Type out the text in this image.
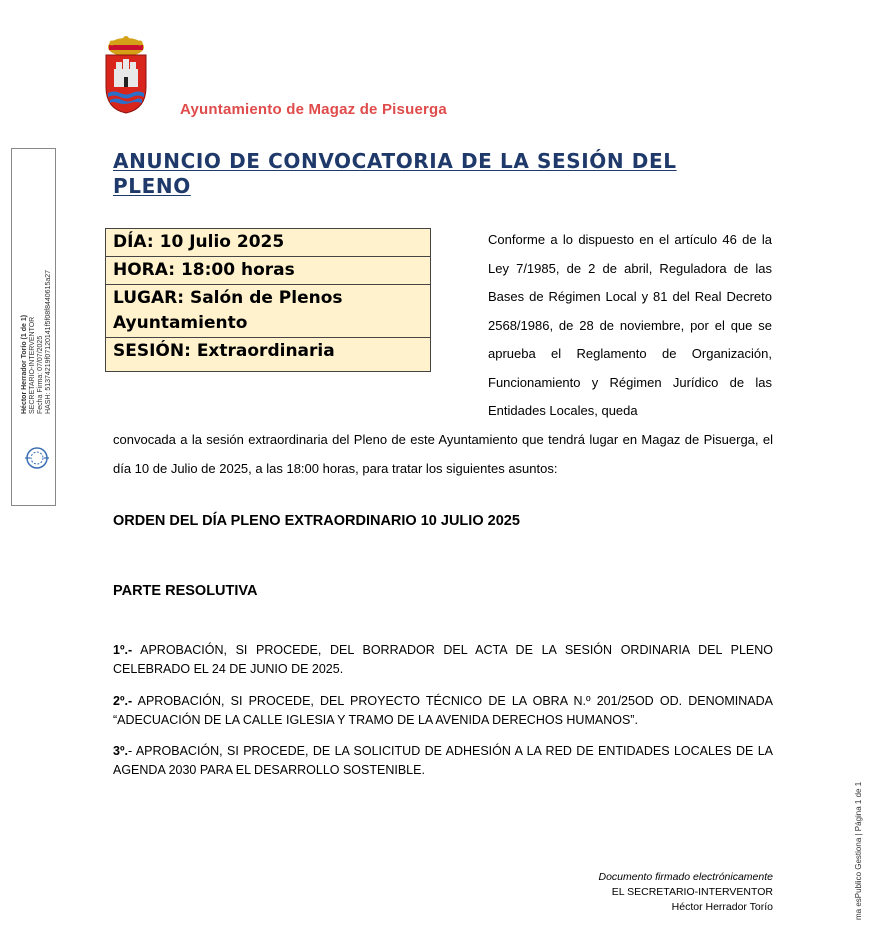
Ayuntamiento de Magaz de Pisuerga
Héctor Herrador Torío (1 de 1) SECRETARIO-INTERVENTOR Fecha Firma: 07/07/2025 HASH: 51374219f07120141f5f08f8440615a27
ANUNCIO DE CONVOCATORIA DE LA SESIÓN DEL PLENO
DÍA: 10 Julio 2025
HORA: 18:00 horas
LUGAR: Salón de Plenos Ayuntamiento
SESIÓN: Extraordinaria
Conforme a lo dispuesto en el artículo 46 de la Ley 7/1985, de 2 de abril, Reguladora de las Bases de Régimen Local y 81 del Real Decreto 2568/1986, de 28 de noviembre, por el que se aprueba el Reglamento de Organización, Funcionamiento y Régimen Jurídico de las Entidades Locales, queda
convocada a la sesión extraordinaria del Pleno de este Ayuntamiento que tendrá lugar en Magaz de Pisuerga, el día 10 de Julio de 2025, a las 18:00 horas, para tratar los siguientes asuntos:
ORDEN DEL DÍA PLENO EXTRAORDINARIO 10 JULIO 2025
PARTE RESOLUTIVA
1º.- APROBACIÓN, SI PROCEDE, DEL BORRADOR DEL ACTA DE LA SESIÓN ORDINARIA DEL PLENO CELEBRADO EL 24 DE JUNIO DE 2025.
2º.- APROBACIÓN, SI PROCEDE, DEL PROYECTO TÉCNICO DE LA OBRA N.º 201/25OD OD. DENOMINADA “ADECUACIÓN DE LA CALLE IGLESIA Y TRAMO DE LA AVENIDA DERECHOS HUMANOS”.
3º.- APROBACIÓN, SI PROCEDE, DE LA SOLICITUD DE ADHESIÓN A LA RED DE ENTIDADES LOCALES DE LA AGENDA 2030 PARA EL DESARROLLO SOSTENIBLE.
Documento firmado electrónicamente
EL SECRETARIO-INTERVENTOR
Héctor Herrador Torío	ma esPublico Gestiona | Página 1 de 1
